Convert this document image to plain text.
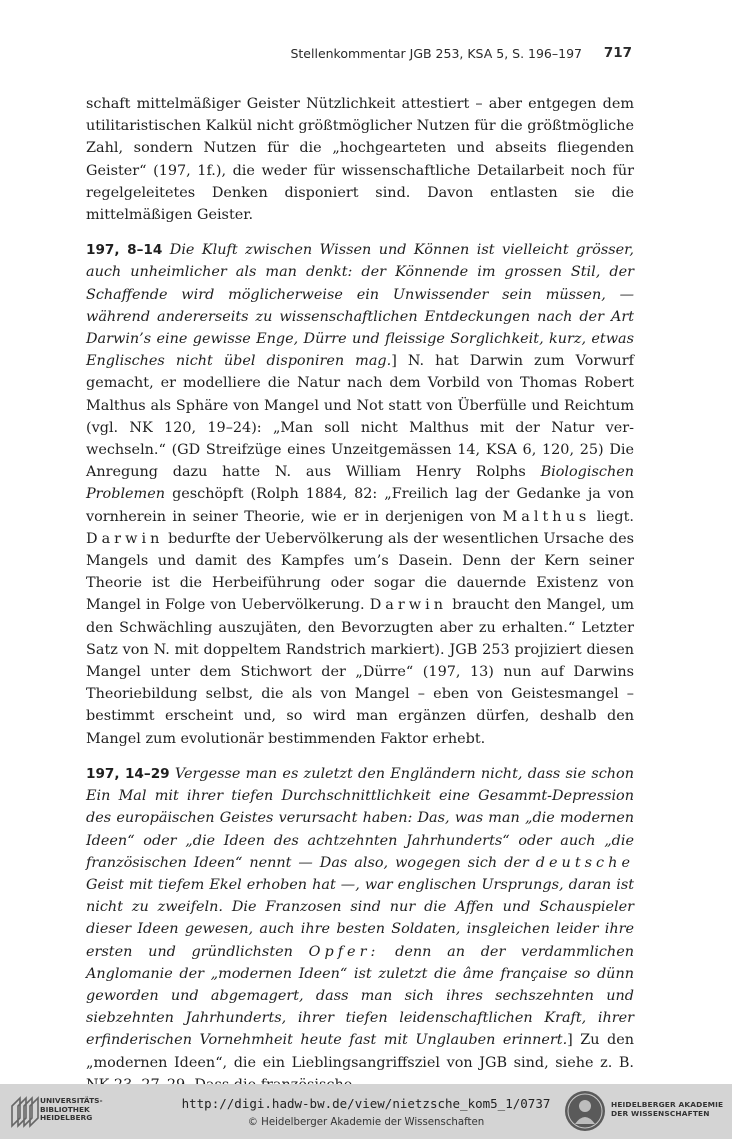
Stellenkommentar JGB 253, KSA 5, S. 196–197 717

schaft mittelmäßiger Geister Nützlichkeit attestiert – aber entgegen dem utilitaristischen Kalkül nicht größtmöglicher Nutzen für die größtmögliche Zahl, sondern Nutzen für die „hochgearteten und abseits fliegenden Geister“ (197, 1f.), die weder für wissenschaftliche Detailarbeit noch für regelgeleitetes Denken disponiert sind. Davon entlasten sie die mittelmäßigen Geister.

197, 8–14 Die Kluft zwischen Wissen und Können ist vielleicht grösser, auch unheimlicher als man denkt: der Könnende im grossen Stil, der Schaffende wird möglicherweise ein Unwissender sein müssen, — während andererseits zu wissenschaftlichen Entdeckungen nach der Art Darwin’s eine gewisse Enge, Dürre und fleissige Sorglichkeit, kurz, etwas Englisches nicht übel disponiren mag.] N. hat Darwin zum Vorwurf gemacht, er modelliere die Natur nach dem Vorbild von Thomas Robert Malthus als Sphäre von Mangel und Not statt von Überfülle und Reichtum (vgl. NK 120, 19–24): „Man soll nicht Malthus mit der Natur verwechseln.“ (GD Streifzüge eines Unzeitgemässen 14, KSA 6, 120, 25) Die Anregung dazu hatte N. aus William Henry Rolphs Biologischen Problemen geschöpft (Rolph 1884, 82: „Freilich lag der Gedanke ja von vornherein in seiner Theorie, wie er in derjenigen von Malthus liegt. Darwin bedurfte der Uebervölkerung als der wesentlichen Ursache des Mangels und damit des Kampfes um’s Dasein. Denn der Kern seiner Theorie ist die Herbeiführung oder sogar die dauernde Existenz von Mangel in Folge von Uebervölkerung. Darwin braucht den Mangel, um den Schwächling auszujäten, den Bevorzugten aber zu erhalten.“ Letzter Satz von N. mit doppeltem Randstrich markiert). JGB 253 projiziert diesen Mangel unter dem Stichwort der „Dürre“ (197, 13) nun auf Darwins Theoriebildung selbst, die als von Mangel – eben von Geistesmangel – bestimmt erscheint und, so wird man ergänzen dürfen, deshalb den Mangel zum evolutionär bestimmenden Faktor erhebt.

197, 14–29 Vergesse man es zuletzt den Engländern nicht, dass sie schon Ein Mal mit ihrer tiefen Durchschnittlichkeit eine Gesammt-Depression des europäischen Geistes verursacht haben: Das, was man „die modernen Ideen“ oder „die Ideen des achtzehnten Jahrhunderts“ oder auch „die französischen Ideen“ nennt — Das also, wogegen sich der deutsche Geist mit tiefem Ekel erhoben hat —, war englischen Ursprungs, daran ist nicht zu zweifeln. Die Franzosen sind nur die Affen und Schauspieler dieser Ideen gewesen, auch ihre besten Soldaten, insgleichen leider ihre ersten und gründlichsten Opfer: denn an der verdammlichen Anglomanie der „modernen Ideen“ ist zuletzt die âme française so dünn geworden und abgemagert, dass man sich ihres sechszehnten und siebzehnten Jahrhunderts, ihrer tiefen leidenschaftlichen Kraft, ihrer erfinderischen Vornehmheit heute fast mit Unglauben erinnert.] Zu den „modernen Ideen“, die ein Lieblingsangriffsziel von JGB sind, siehe z. B.

UNIVERSITÄTS-
BIBLIOTHEK
HEIDELBERG
http://digi.hadw-bw.de/view/nietzsche_kom5_1/0737
© Heidelberger Akademie der Wissenschaften
HEIDELBERGER AKADEMIE
DER WISSENSCHAFTEN
